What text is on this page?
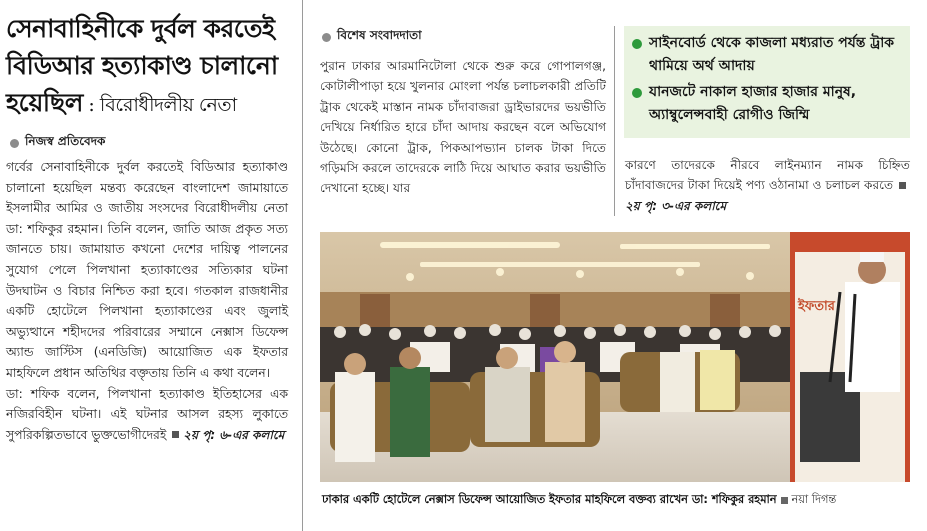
সেনাবাহিনীকে দুর্বল করতেই
বিডিআর হত্যাকাণ্ড চালানো
হয়েছিল : বিরোধীদলীয় নেতা
নিজস্ব প্রতিবেদক
গর্বের সেনাবাহিনীকে দুর্বল করতেই বিডিআর হত্যাকাণ্ড চালানো হয়েছিল মন্তব্য করেছেন বাংলাদেশ জামায়াতে ইসলামীর আমির ও জাতীয় সংসদের বিরোধীদলীয় নেতা ডা: শফিকুর রহমান। তিনি বলেন, জাতি আজ প্রকৃত সত্য জানতে চায়। জামায়াত কখনো দেশের দায়িত্ব পালনের সুযোগ পেলে পিলখানা হত্যাকাণ্ডের সত্যিকার ঘটনা উদঘাটন ও বিচার নিশ্চিত করা হবে। গতকাল রাজধানীর একটি হোটেলে পিলখানা হত্যাকাণ্ডের এবং জুলাই অভ্যুত্থানে শহীদদের পরিবারের সম্মানে নেক্সাস ডিফেন্স অ্যান্ড জাস্টিস (এনডিজি) আয়োজিত এক ইফতার মাহফিলে প্রধান অতিথির বক্তৃতায় তিনি এ কথা বলেন।
ডা: শফিক বলেন, পিলখানা হত্যাকাণ্ড ইতিহাসের এক নজিরবিহীন ঘটনা। এই ঘটনার আসল রহস্য লুকাতে সুপরিকল্পিতভাবে ভুক্তভোগীদেরই ২য় পৃ: ৬-এর কলামে
বিশেষ সংবাদদাতা
পুরান ঢাকার আরমানিটোলা থেকে শুরু করে গোপালগঞ্জ, কোটালীপাড়া হয়ে খুলনার মোংলা পর্যন্ত চলাচলকারী প্রতিটি ট্রাক থেকেই মাস্তান নামক চাঁদাবাজরা ড্রাইভারদের ভয়ভীতি দেখিয়ে নির্ধারিত হারে চাঁদা আদায় করছেন বলে অভিযোগ উঠেছে। কোনো ট্রাক, পিকআপভ্যান চালক টাকা দিতে গড়িমসি করলে তাদেরকে লাঠি দিয়ে আঘাত করার ভয়ভীতি দেখানো হচ্ছে। যার
সাইনবোর্ড থেকে কাজলা মধ্যরাত পর্যন্ত ট্রাক থামিয়ে অর্থ আদায়
যানজটে নাকাল হাজার হাজার মানুষ, অ্যাম্বুলেন্সবাহী রোগীও জিম্মি
কারণে তাদেরকে নীরবে লাইনম্যান নামক চিহ্নিত চাঁদাবাজদের টাকা দিয়েই পণ্য ওঠানামা ও চলাচল করতে ২য় পৃ: ৩-এর কলামে
ইফতার
ঢাকার একটি হোটেলে নেক্সাস ডিফেন্স আয়োজিত ইফতার মাহফিলে বক্তব্য রাখেন ডা: শফিকুর রহমান নয়া দিগন্ত
